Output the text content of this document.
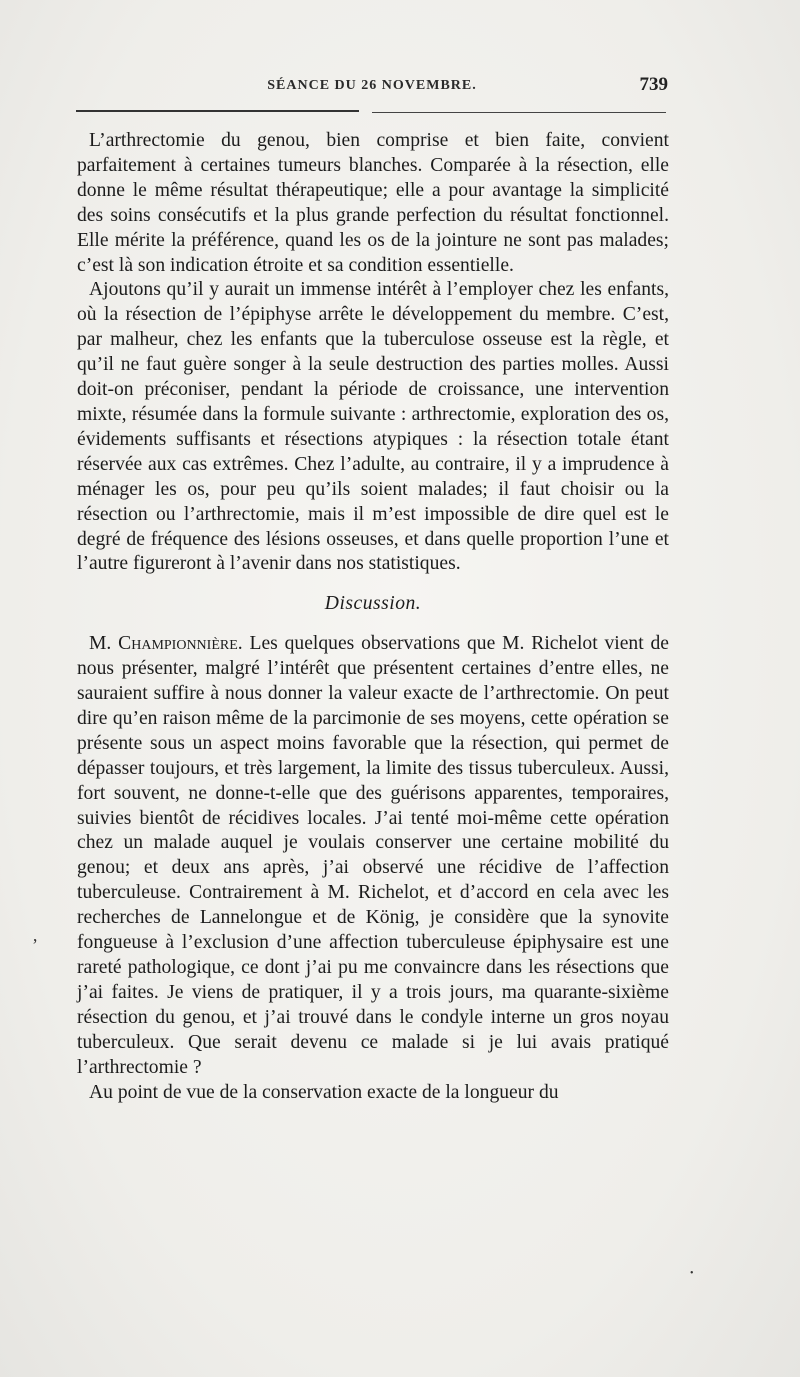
SÉANCE DU 26 NOVEMBRE.	739

L’arthrectomie du genou, bien comprise et bien faite, convient parfaitement à certaines tumeurs blanches. Comparée à la résection, elle donne le même résultat thérapeutique; elle a pour avantage la simplicité des soins consécutifs et la plus grande perfection du résultat fonctionnel. Elle mérite la préférence, quand les os de la jointure ne sont pas malades; c’est là son indication étroite et sa condition essentielle.

Ajoutons qu’il y aurait un immense intérêt à l’employer chez les enfants, où la résection de l’épiphyse arrête le développement du membre. C’est, par malheur, chez les enfants que la tuberculose osseuse est la règle, et qu’il ne faut guère songer à la seule destruction des parties molles. Aussi doit-on préconiser, pendant la période de croissance, une intervention mixte, résumée dans la formule suivante : arthrectomie, exploration des os, évidements suffisants et résections atypiques : la résection totale étant réservée aux cas extrêmes. Chez l’adulte, au contraire, il y a imprudence à ménager les os, pour peu qu’ils soient malades; il faut choisir ou la résection ou l’arthrectomie, mais il m’est impossible de dire quel est le degré de fréquence des lésions osseuses, et dans quelle proportion l’une et l’autre figureront à l’avenir dans nos statistiques.

Discussion.

M. Championnière. Les quelques observations que M. Richelot vient de nous présenter, malgré l’intérêt que présentent certaines d’entre elles, ne sauraient suffire à nous donner la valeur exacte de l’arthrectomie. On peut dire qu’en raison même de la parcimonie de ses moyens, cette opération se présente sous un aspect moins favorable que la résection, qui permet de dépasser toujours, et très largement, la limite des tissus tuberculeux. Aussi, fort souvent, ne donne-t-elle que des guérisons apparentes, temporaires, suivies bientôt de récidives locales. J’ai tenté moi-même cette opération chez un malade auquel je voulais conserver une certaine mobilité du genou; et deux ans après, j’ai observé une récidive de l’affection tuberculeuse. Contrairement à M. Richelot, et d’accord en cela avec les recherches de Lannelongue et de König, je considère que la synovite fongueuse à l’exclusion d’une affection tuberculeuse épiphysaire est une rareté pathologique, ce dont j’ai pu me convaincre dans les résections que j’ai faites. Je viens de pratiquer, il y a trois jours, ma quarante-sixième résection du genou, et j’ai trouvé dans le condyle interne un gros noyau tuberculeux. Que serait devenu ce malade si je lui avais pratiqué l’arthrectomie ?

Au point de vue de la conservation exacte de la longueur du

’
•
